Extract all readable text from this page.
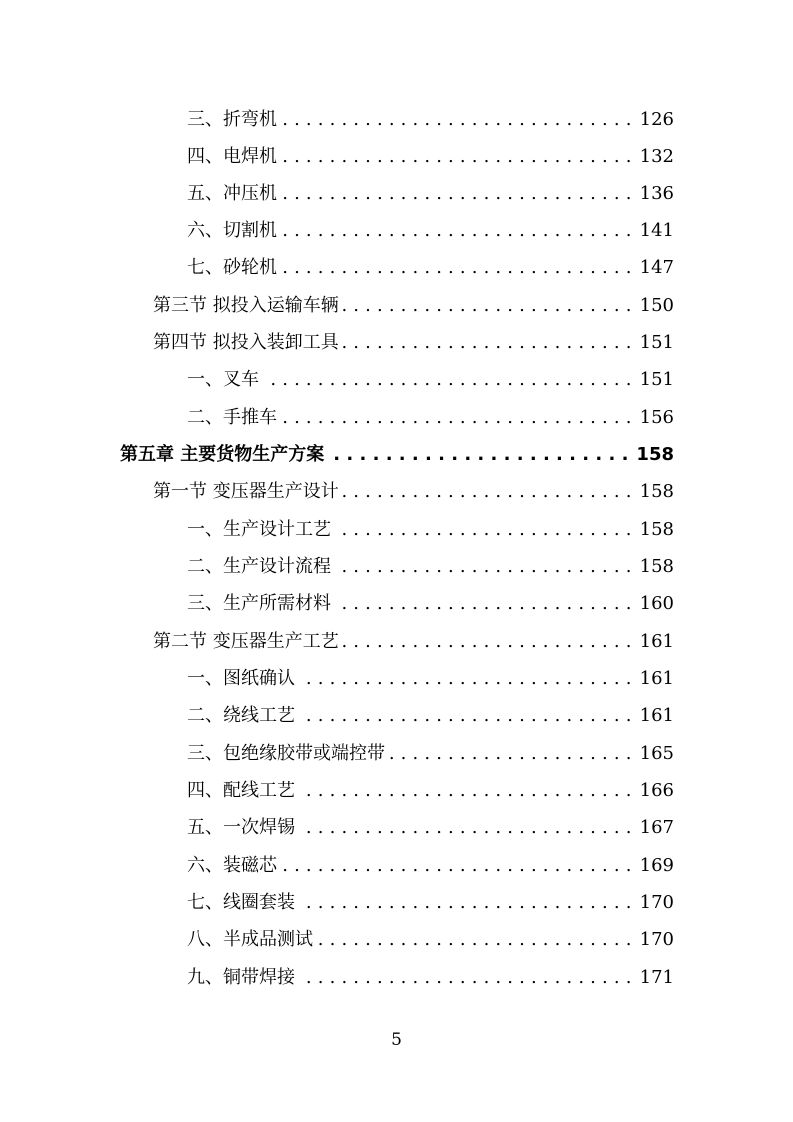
三、折弯机 . . .	126
四、电焊机 . . .	132
五、冲压机 . . .	136
六、切割机 . . .	141
七、砂轮机 . . .	147
第三节 拟投入运输车辆 . . .	150
第四节 拟投入装卸工具 . . .	151
一、叉车 . . .	151
二、手推车 . . .	156
第五章 主要货物生产方案 . . .	158
第一节 变压器生产设计 . . .	158
一、生产设计工艺 . . .	158
二、生产设计流程 . . .	158
三、生产所需材料 . . .	160
第二节 变压器生产工艺 . . .	161
一、图纸确认 . . .	161
二、绕线工艺 . . .	161
三、包绝缘胶带或端控带 . . .	165
四、配线工艺 . . .	166
五、一次焊锡 . . .	167
六、装磁芯 . . .	169
七、线圈套装 . . .	170
八、半成品测试 . . .	170
九、铜带焊接 . . .	171
5
